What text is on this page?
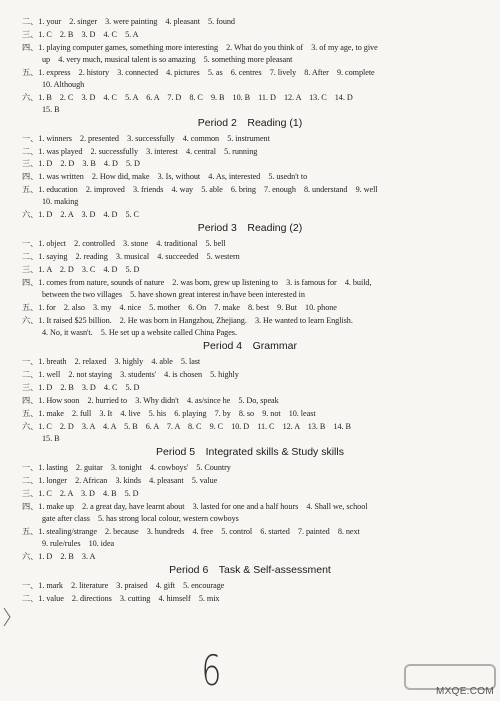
Period 2　Reading (1)
Period 3　Reading (2)
Period 4　Grammar
Period 5　Integrated skills & Study skills
Period 6　Task & Self-assessment
二、1. your　2. singer　3. were painting　4. pleasant　5. found
三、1. C　2. B　3. D　4. C　5. A
四、1. playing computer games, something more interesting　2. What do you think of　3. of my age, to give
up　4. very much, musical talent is so amazing　5. something more pleasant
五、1. express　2. history　3. connected　4. pictures　5. as　6. centres　7. lively　8. After　9. complete
10. Although
六、1. B　2. C　3. D　4. C　5. A　6. A　7. D　8. C　9. B　10. B　11. D　12. A　13. C　14. D
15. B
一、1. winners　2. presented　3. successfully　4. common　5. instrument
二、1. was played　2. successfully　3. interest　4. central　5. running
三、1. D　2. D　3. B　4. D　5. D
四、1. was written　2. How did, make　3. Is, without　4. As, interested　5. usedn't to
五、1. education　2. improved　3. friends　4. way　5. able　6. bring　7. enough　8. understand　9. well
10. making
六、1. D　2. A　3. D　4. D　5. C
一、1. object　2. controlled　3. stone　4. traditional　5. bell
二、1. saying　2. reading　3. musical　4. succeeded　5. western
三、1. A　2. D　3. C　4. D　5. D
四、1. comes from nature, sounds of nature　2. was born, grew up listening to　3. is famous for　4. build,
between the two villages　5. have shown great interest in/have been interested in
五、1. for　2. also　3. my　4. nice　5. mother　6. On　7. make　8. best　9. But　10. phone
六、1. It raised $25 billion.　2. He was born in Hangzhou, Zhejiang.　3. He wanted to learn English.
4. No, it wasn't.　5. He set up a website called China Pages.
一、1. breath　2. relaxed　3. highly　4. able　5. last
二、1. well　2. not staying　3. students'　4. is chosen　5. highly
三、1. D　2. B　3. D　4. C　5. D
四、1. How soon　2. hurried to　3. Why didn't　4. as/since he　5. Do, speak
五、1. make　2. full　3. It　4. live　5. his　6. playing　7. by　8. so　9. not　10. least
六、1. C　2. D　3. A　4. A　5. B　6. A　7. A　8. C　9. C　10. D　11. C　12. A　13. B　14. B
15. B
一、1. lasting　2. guitar　3. tonight　4. cowboys'　5. Country
二、1. longer　2. African　3. kinds　4. pleasant　5. value
三、1. C　2. A　3. D　4. B　5. D
四、1. make up　2. a great day, have learnt about　3. lasted for one and a half hours　4. Shall we, school
gate after class　5. has strong local colour, western cowboys
五、1. stealing/strange　2. because　3. hundreds　4. free　5. control　6. started　7. painted　8. next
9. rule/rules　10. idea
六、1. D　2. B　3. A
一、1. mark　2. literature　3. praised　4. gift　5. encourage
二、1. value　2. directions　3. cutting　4. himself　5. mix
6	MXQE.COM
